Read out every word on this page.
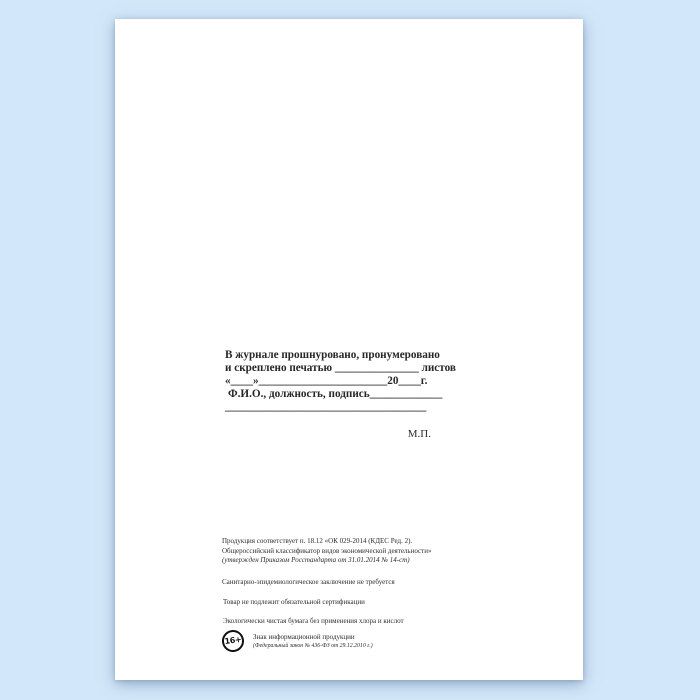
В журнале прошнуровано, пронумеровано
и скреплено печатью _______________ листов
«____»_______________________20____г.
Ф.И.О., должность, подпись_____________
____________________________________
М.П.
Продукция соответствует п. 18.12 «ОК 029-2014 (КДЕС Ред. 2).
Общероссийский классификатор видов экономической деятельности»
(утвержден Приказом Росстандарта от 31.01.2014 № 14-ст)
Санитарно-эпидемиологическое заключение не требуется
Товар не подлежит обязательной сертификации
Экологически чистая бумага без применения хлора и кислот
16+	Знак информационной продукции
(Федеральный закон № 436-ФЗ от 29.12.2010 г.)
